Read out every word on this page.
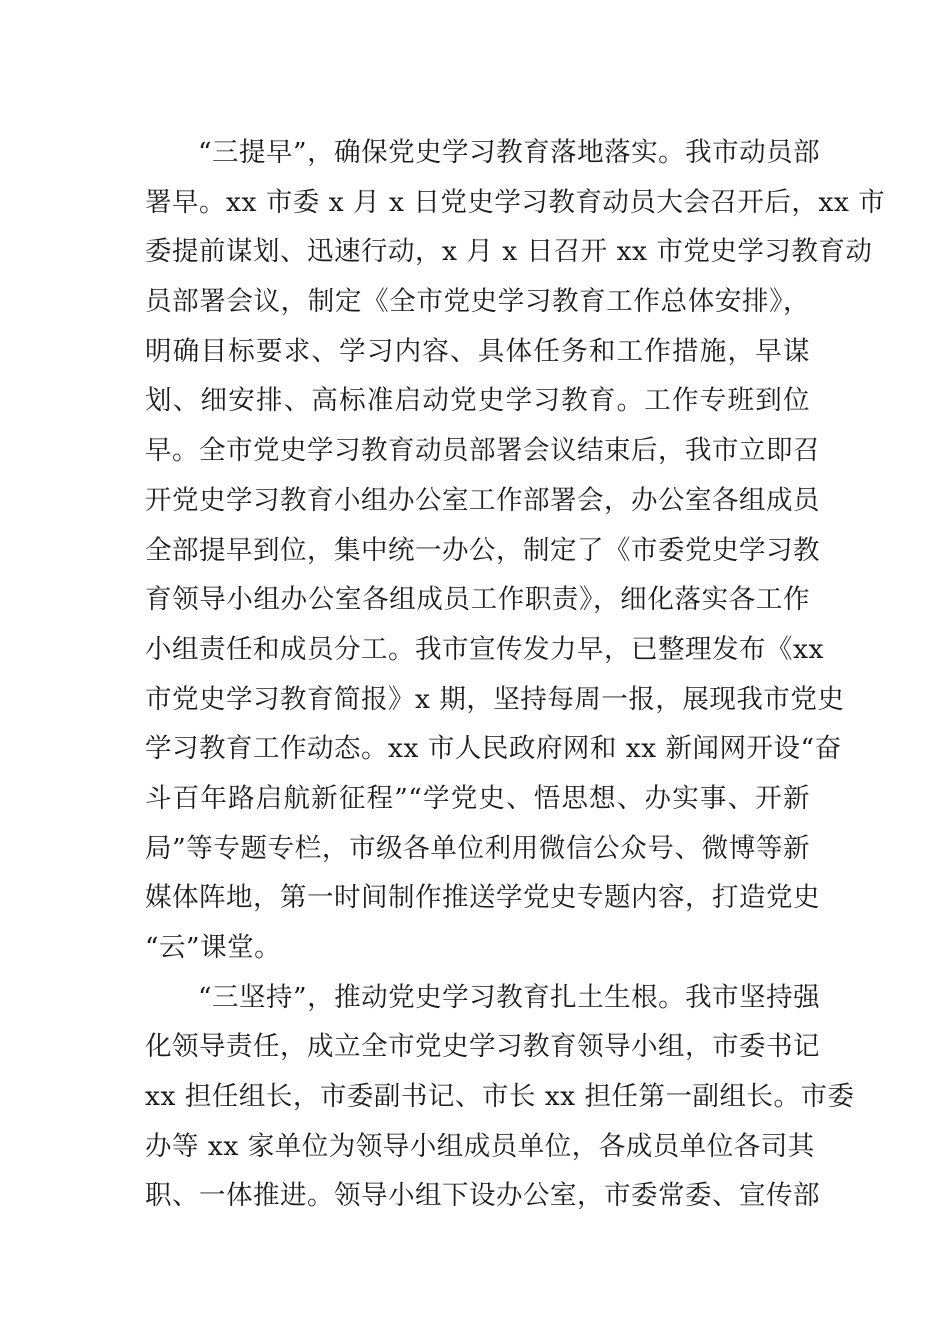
“三提早”，确保党史学习教育落地落实。我市动员部
署早。xx 市委 x 月 x 日党史学习教育动员大会召开后，xx 市
委提前谋划、迅速行动，x 月 x 日召开 xx 市党史学习教育动
员部署会议，制定《全市党史学习教育工作总体安排》，
明确目标要求、学习内容、具体任务和工作措施，早谋
划、细安排、高标准启动党史学习教育。工作专班到位
早。全市党史学习教育动员部署会议结束后，我市立即召
开党史学习教育小组办公室工作部署会，办公室各组成员
全部提早到位，集中统一办公，制定了《市委党史学习教
育领导小组办公室各组成员工作职责》，细化落实各工作
小组责任和成员分工。我市宣传发力早，已整理发布《xx
市党史学习教育简报》x 期，坚持每周一报，展现我市党史
学习教育工作动态。xx 市人民政府网和 xx 新闻网开设“奋
斗百年路启航新征程”“学党史、悟思想、办实事、开新
局”等专题专栏，市级各单位利用微信公众号、微博等新
媒体阵地，第一时间制作推送学党史专题内容，打造党史
“云”课堂。
“三坚持”，推动党史学习教育扎土生根。我市坚持强
化领导责任，成立全市党史学习教育领导小组，市委书记
xx 担任组长，市委副书记、市长 xx 担任第一副组长。市委
办等 xx 家单位为领导小组成员单位，各成员单位各司其
职、一体推进。领导小组下设办公室，市委常委、宣传部
